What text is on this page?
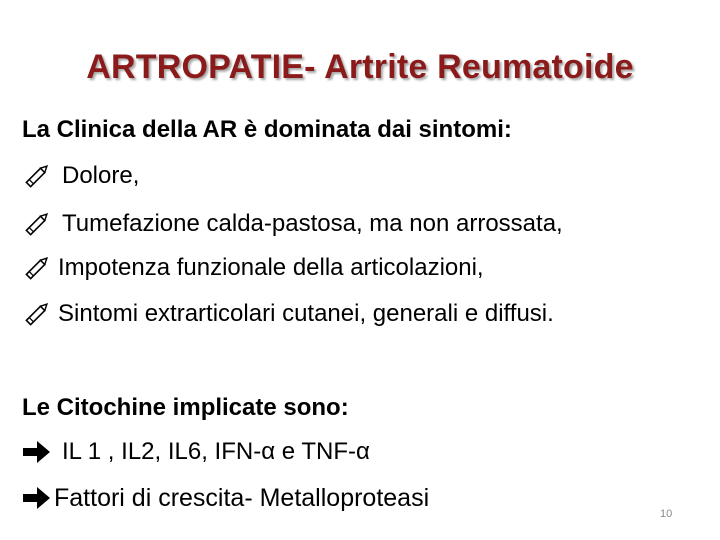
ARTROPATIE- Artrite Reumatoide
La Clinica della AR è dominata dai sintomi:
Dolore,
Tumefazione calda-pastosa, ma non arrossata,
Impotenza funzionale della articolazioni,
Sintomi extrarticolari cutanei, generali e diffusi.
Le Citochine implicate sono:
IL 1 , IL2, IL6, IFN-α e TNF-α
Fattori di crescita- Metalloproteasi
10
